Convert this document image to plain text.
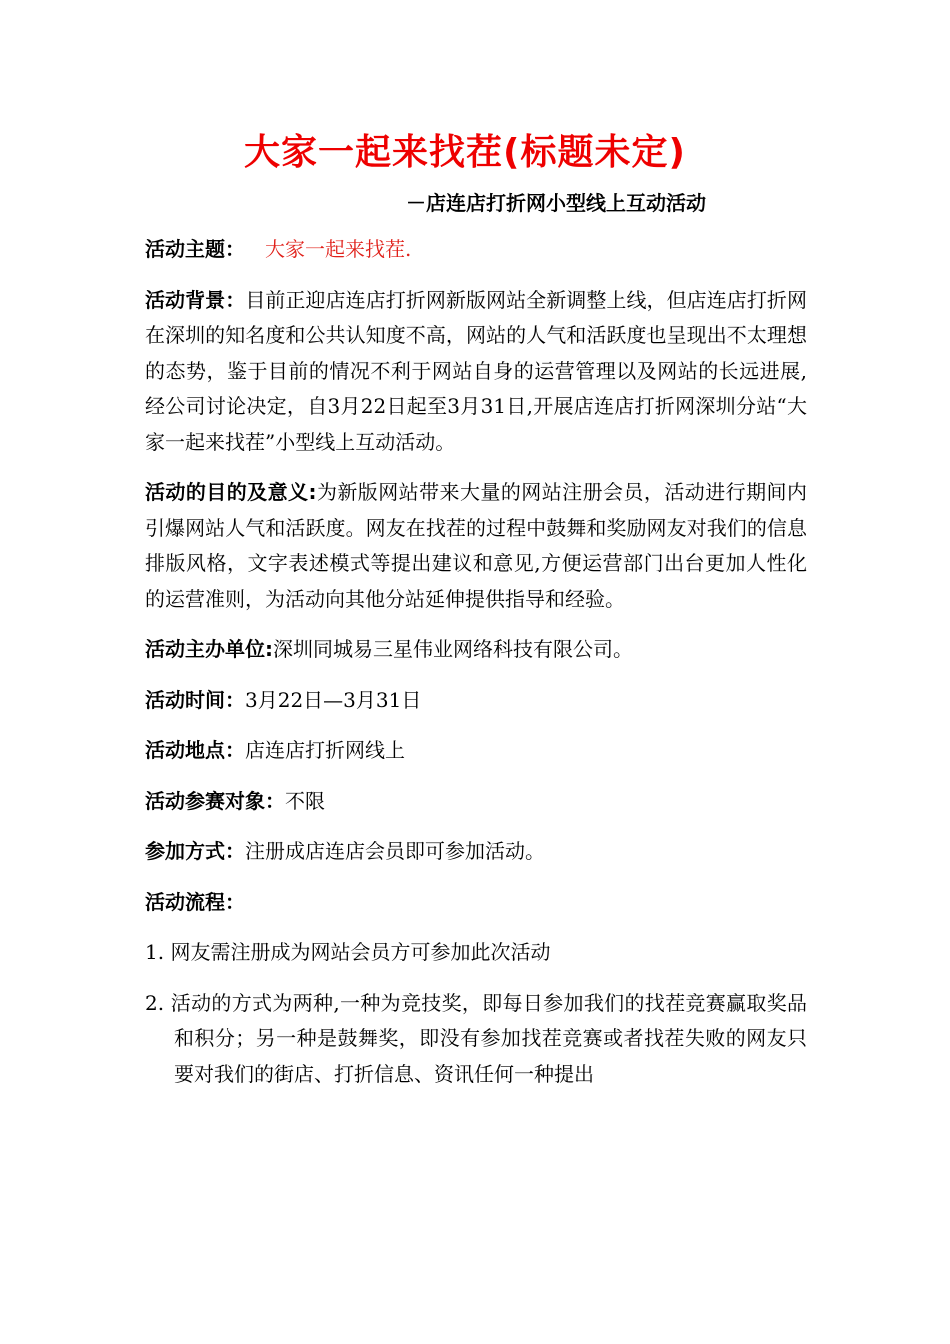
大家一起来找茬(标题未定)
－店连店打折网小型线上互动活动

活动主题： 大家一起来找茬.

活动背景：目前正迎店连店打折网新版网站全新调整上线，但店连店打折网在深圳的知名度和公共认知度不高，网站的人气和活跃度也呈现出不太理想的态势，鉴于目前的情况不利于网站自身的运营管理以及网站的长远进展,经公司讨论决定，自3月22日起至3月31日,开展店连店打折网深圳分站“大家一起来找茬”小型线上互动活动。

活动的目的及意义:为新版网站带来大量的网站注册会员，活动进行期间内引爆网站人气和活跃度。网友在找茬的过程中鼓舞和奖励网友对我们的信息排版风格，文字表述模式等提出建议和意见,方便运营部门出台更加人性化的运营准则，为活动向其他分站延伸提供指导和经验。

活动主办单位:深圳同城易三星伟业网络科技有限公司。

活动时间：3月22日—3月31日

活动地点：店连店打折网线上

活动参赛对象：不限

参加方式：注册成店连店会员即可参加活动。

活动流程：

1. 网友需注册成为网站会员方可参加此次活动

2. 活动的方式为两种,一种为竞技奖，即每日参加我们的找茬竞赛赢取奖品和积分；另一种是鼓舞奖，即没有参加找茬竞赛或者找茬失败的网友只要对我们的街店、打折信息、资讯任何一种提出
